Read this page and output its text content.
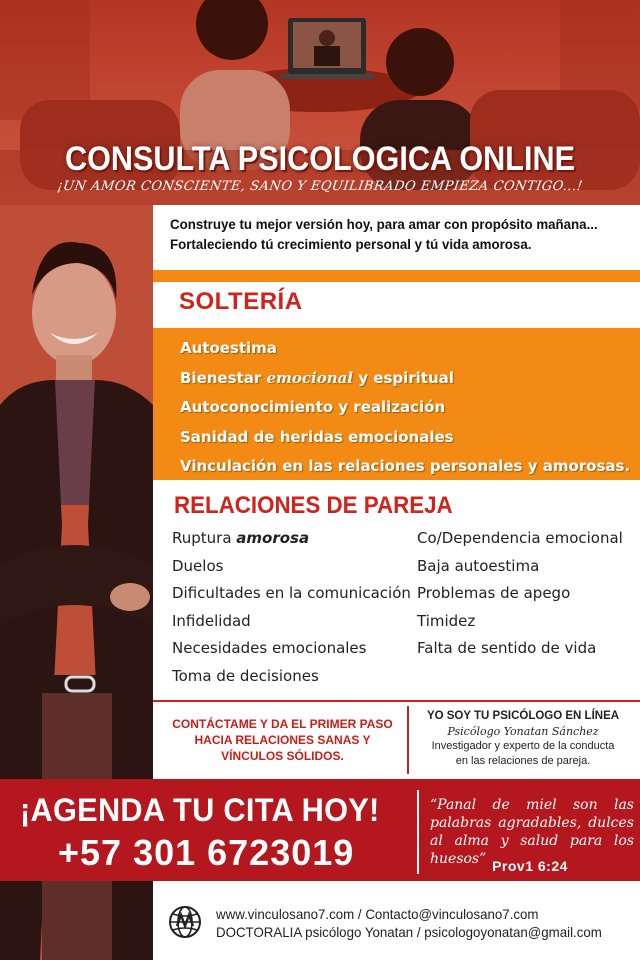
CONSULTA PSICOLOGICA ONLINE
¡UN AMOR CONSCIENTE, SANO Y EQUILIBRADO EMPIEZA CONTIGO...!
Construye tu mejor versión hoy, para amar con propósito mañana...
Fortaleciendo tú crecimiento personal y tú vida amorosa.
SOLTERÍA
Autoestima
Bienestar emocional y espiritual
Autoconocimiento y realización
Sanidad de heridas emocionales
Vinculación en las relaciones personales y amorosas.
RELACIONES DE PAREJA
Ruptura amorosa
Duelos
Dificultades en la comunicación
Infidelidad
Necesidades emocionales
Toma de decisiones
Co/Dependencia emocional
Baja autoestima
Problemas de apego
Timidez
Falta de sentido de vida
CONTÁCTAME Y DA EL PRIMER PASO
HACIA RELACIONES SANAS Y
VÍNCULOS SÓLIDOS.
YO SOY TU PSICÓLOGO EN LÍNEA
Psicólogo Yonatan Sánchez
Investigador y experto de la conducta
en las relaciones de pareja.
¡AGENDA TU CITA HOY!
+57 301 6723019
“Panal de miel son las palabras agradables, dulces al alma y salud para los huesos” Prov1 6:24
www.vinculosano7.com / Contacto@vinculosano7.com
DOCTORALIA psicólogo Yonatan / psicologoyonatan@gmail.com
